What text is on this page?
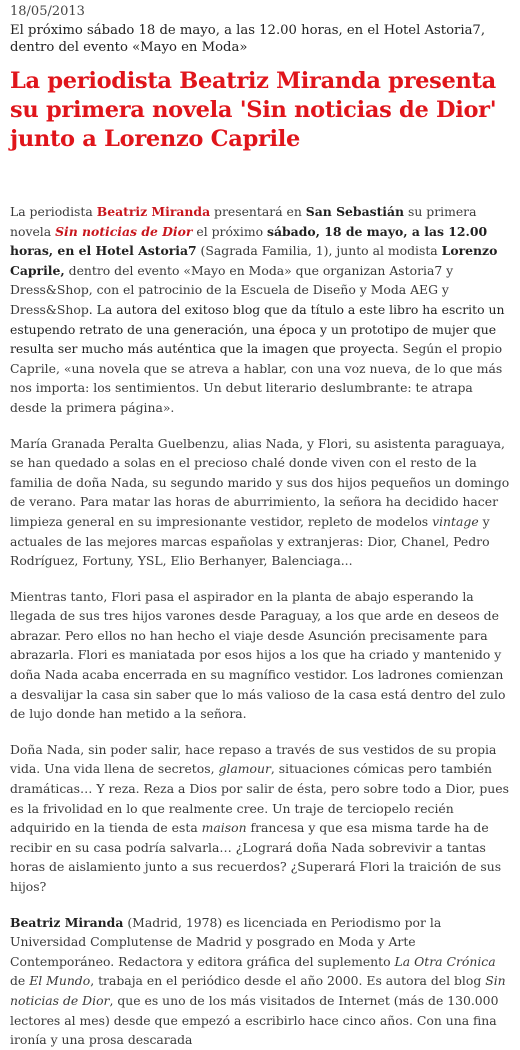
18/05/2013
El próximo sábado 18 de mayo, a las 12.00 horas, en el Hotel Astoria7, dentro del evento «Mayo en Moda»
La periodista Beatriz Miranda presenta su primera novela 'Sin noticias de Dior' junto a Lorenzo Caprile

La periodista Beatriz Miranda presentará en San Sebastián su primera novela Sin noticias de Dior el próximo sábado, 18 de mayo, a las 12.00 horas, en el Hotel Astoria7 (Sagrada Familia, 1), junto al modista Lorenzo Caprile, dentro del evento «Mayo en Moda» que organizan Astoria7 y Dress&Shop, con el patrocinio de la Escuela de Diseño y Moda AEG y Dress&Shop. La autora del exitoso blog que da título a este libro ha escrito un estupendo retrato de una generación, una época y un prototipo de mujer que resulta ser mucho más auténtica que la imagen que proyecta. Según el propio Caprile, «una novela que se atreva a hablar, con una voz nueva, de lo que más nos importa: los sentimientos. Un debut literario deslumbrante: te atrapa desde la primera página».

María Granada Peralta Guelbenzu, alias Nada, y Flori, su asistenta paraguaya, se han quedado a solas en el precioso chalé donde viven con el resto de la familia de doña Nada, su segundo marido y sus dos hijos pequeños un domingo de verano. Para matar las horas de aburrimiento, la señora ha decidido hacer limpieza general en su impresionante vestidor, repleto de modelos vintage y actuales de las mejores marcas españolas y extranjeras: Dior, Chanel, Pedro Rodríguez, Fortuny, YSL, Elio Berhanyer, Balenciaga...

Mientras tanto, Flori pasa el aspirador en la planta de abajo esperando la llegada de sus tres hijos varones desde Paraguay, a los que arde en deseos de abrazar. Pero ellos no han hecho el viaje desde Asunción precisamente para abrazarla. Flori es maniatada por esos hijos a los que ha criado y mantenido y doña Nada acaba encerrada en su magnífico vestidor. Los ladrones comienzan a desvalijar la casa sin saber que lo más valioso de la casa está dentro del zulo de lujo donde han metido a la señora.

Doña Nada, sin poder salir, hace repaso a través de sus vestidos de su propia vida. Una vida llena de secretos, glamour, situaciones cómicas pero también dramáticas… Y reza. Reza a Dios por salir de ésta, pero sobre todo a Dior, pues es la frivolidad en lo que realmente cree. Un traje de terciopelo recién adquirido en la tienda de esta maison francesa y que esa misma tarde ha de recibir en su casa podría salvarla… ¿Logrará doña Nada sobrevivir a tantas horas de aislamiento junto a sus recuerdos? ¿Superará Flori la traición de sus hijos?

Beatriz Miranda (Madrid, 1978) es licenciada en Periodismo por la Universidad Complutense de Madrid y posgrado en Moda y Arte Contemporáneo. Redactora y editora gráfica del suplemento La Otra Crónica de El Mundo, trabaja en el periódico desde el año 2000. Es autora del blog Sin noticias de Dior, que es uno de los más visitados de Internet (más de 130.000 lectores al mes) desde que empezó a escribirlo hace cinco años. Con una fina ironía y una prosa descarada
